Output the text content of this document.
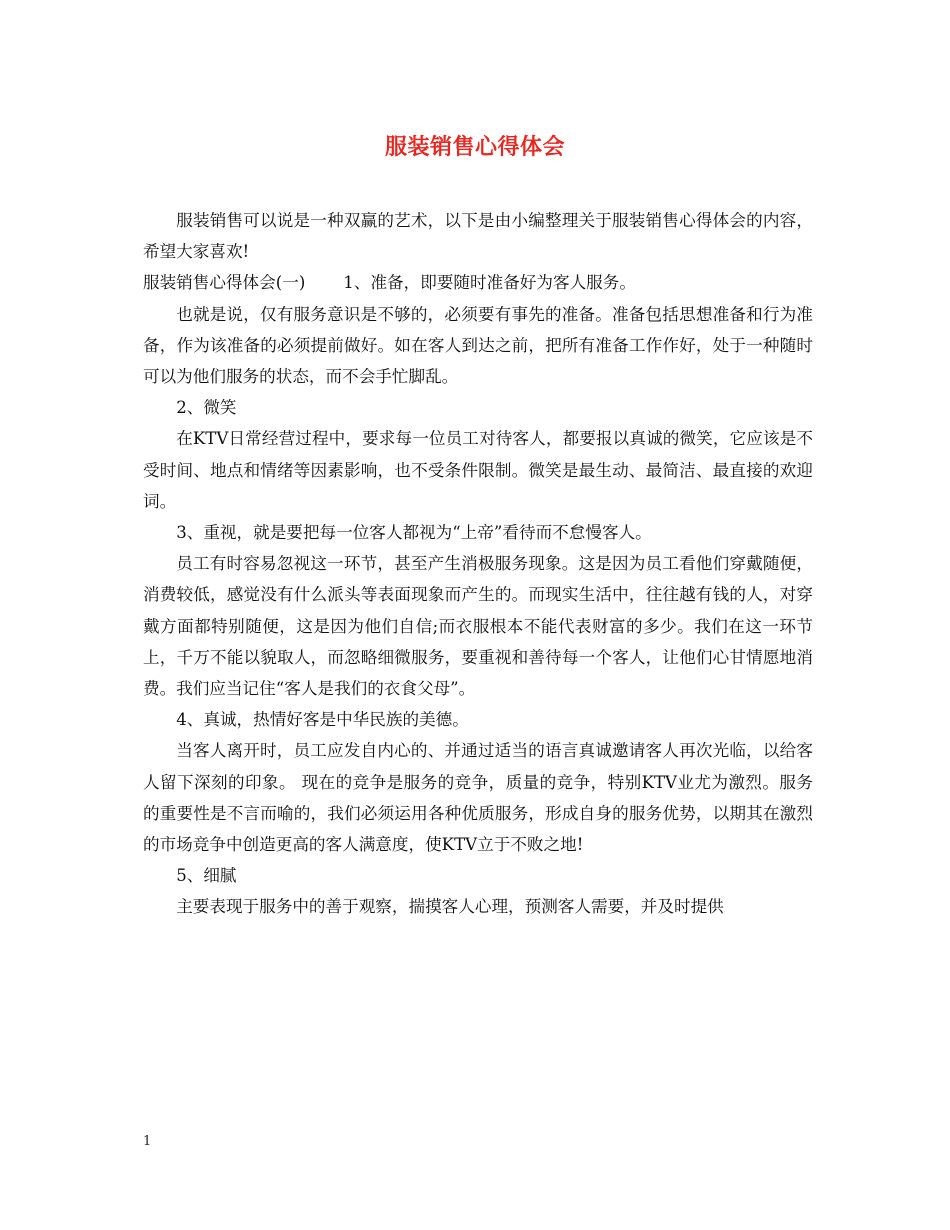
服装销售心得体会

服装销售可以说是一种双赢的艺术，以下是由小编整理关于服装销售心得体会的内容，希望大家喜欢!

服装销售心得体会(一) 1、准备，即要随时准备好为客人服务。

也就是说，仅有服务意识是不够的，必须要有事先的准备。准备包括思想准备和行为准备，作为该准备的必须提前做好。如在客人到达之前，把所有准备工作作好，处于一种随时可以为他们服务的状态，而不会手忙脚乱。

2、微笑

在KTV日常经营过程中，要求每一位员工对待客人，都要报以真诚的微笑，它应该是不受时间、地点和情绪等因素影响，也不受条件限制。微笑是最生动、最简洁、最直接的欢迎词。

3、重视，就是要把每一位客人都视为“上帝”看待而不怠慢客人。

员工有时容易忽视这一环节，甚至产生消极服务现象。这是因为员工看他们穿戴随便，消费较低，感觉没有什么派头等表面现象而产生的。而现实生活中，往往越有钱的人，对穿戴方面都特别随便，这是因为他们自信;而衣服根本不能代表财富的多少。我们在这一环节上，千万不能以貌取人，而忽略细微服务，要重视和善待每一个客人，让他们心甘情愿地消费。我们应当记住“客人是我们的衣食父母”。

4、真诚，热情好客是中华民族的美德。

当客人离开时，员工应发自内心的、并通过适当的语言真诚邀请客人再次光临，以给客人留下深刻的印象。 现在的竞争是服务的竞争，质量的竞争，特别KTV业尤为激烈。服务的重要性是不言而喻的，我们必须运用各种优质服务，形成自身的服务优势，以期其在激烈的市场竞争中创造更高的客人满意度，使KTV立于不败之地!

5、细腻

主要表现于服务中的善于观察，揣摸客人心理，预测客人需要，并及时提供

1
